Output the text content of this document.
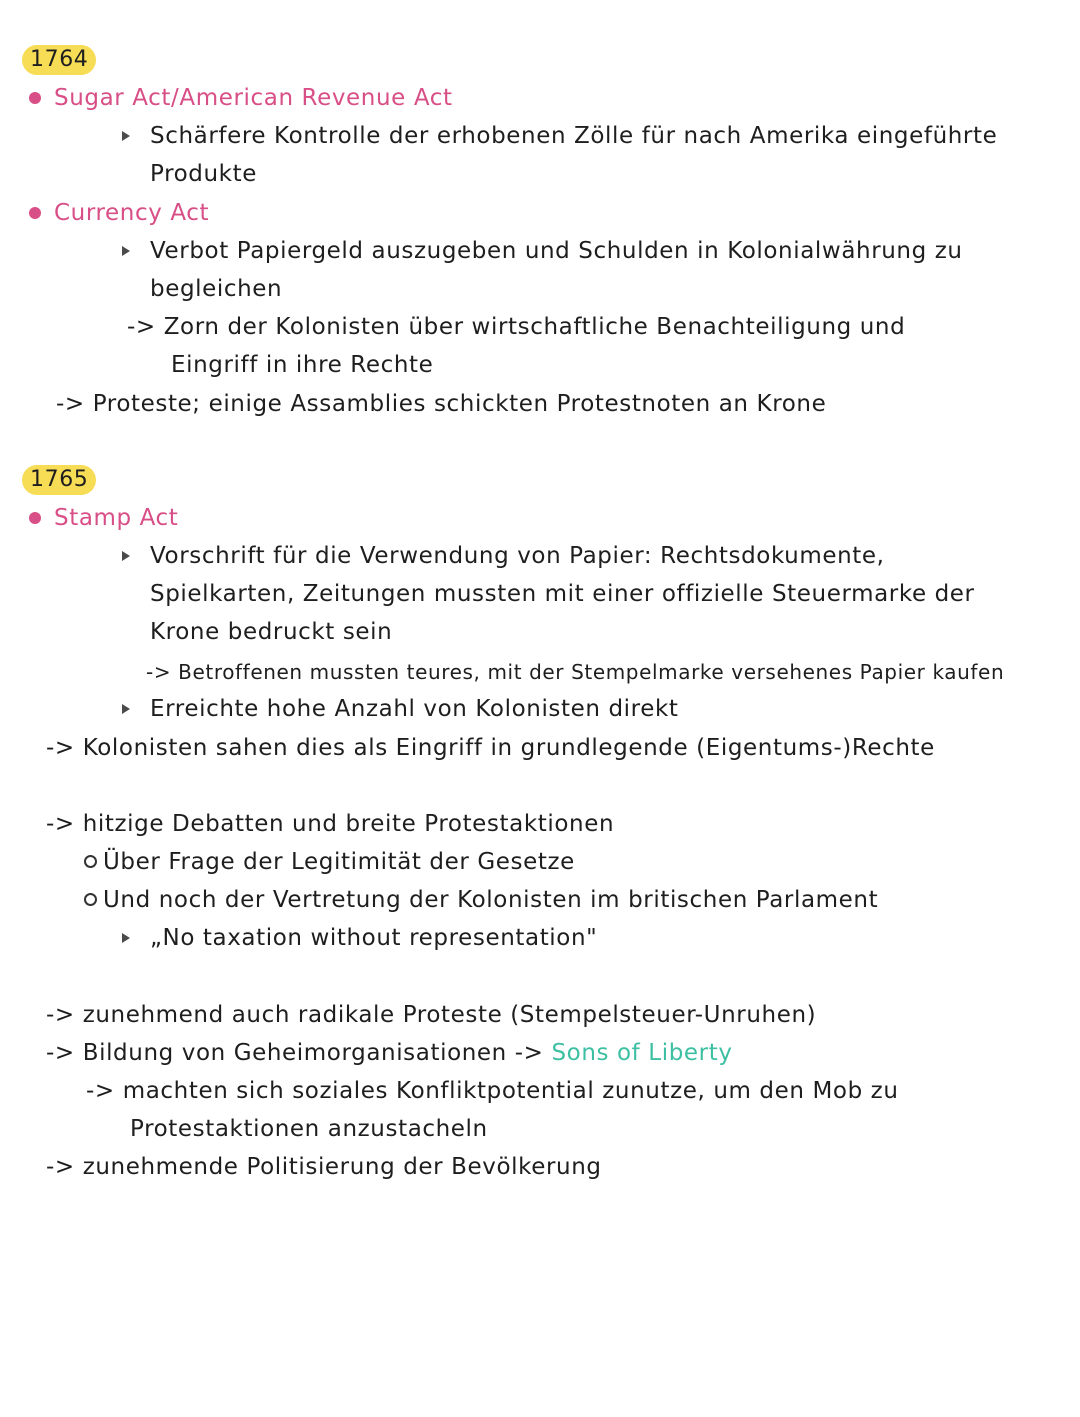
1764
Sugar Act/American Revenue Act
Schärfere Kontrolle der erhobenen Zölle für nach Amerika eingeführte
Produkte
Currency Act
Verbot Papiergeld auszugeben und Schulden in Kolonialwährung zu
begleichen
-> Zorn der Kolonisten über wirtschaftliche Benachteiligung und
Eingriff in ihre Rechte
-> Proteste; einige Assamblies schickten Protestnoten an Krone
1765
Stamp Act
Vorschrift für die Verwendung von Papier: Rechtsdokumente,
Spielkarten, Zeitungen mussten mit einer offizielle Steuermarke der
Krone bedruckt sein
-> Betroffenen mussten teures, mit der Stempelmarke versehenes Papier kaufen
Erreichte hohe Anzahl von Kolonisten direkt
-> Kolonisten sahen dies als Eingriff in grundlegende (Eigentums-)Rechte
-> hitzige Debatten und breite Protestaktionen
Über Frage der Legitimität der Gesetze
Und noch der Vertretung der Kolonisten im britischen Parlament
„No taxation without representation"
-> zunehmend auch radikale Proteste (Stempelsteuer-Unruhen)
-> Bildung von Geheimorganisationen -> Sons of Liberty
-> machten sich soziales Konfliktpotential zunutze, um den Mob zu
Protestaktionen anzustacheln
-> zunehmende Politisierung der Bevölkerung
